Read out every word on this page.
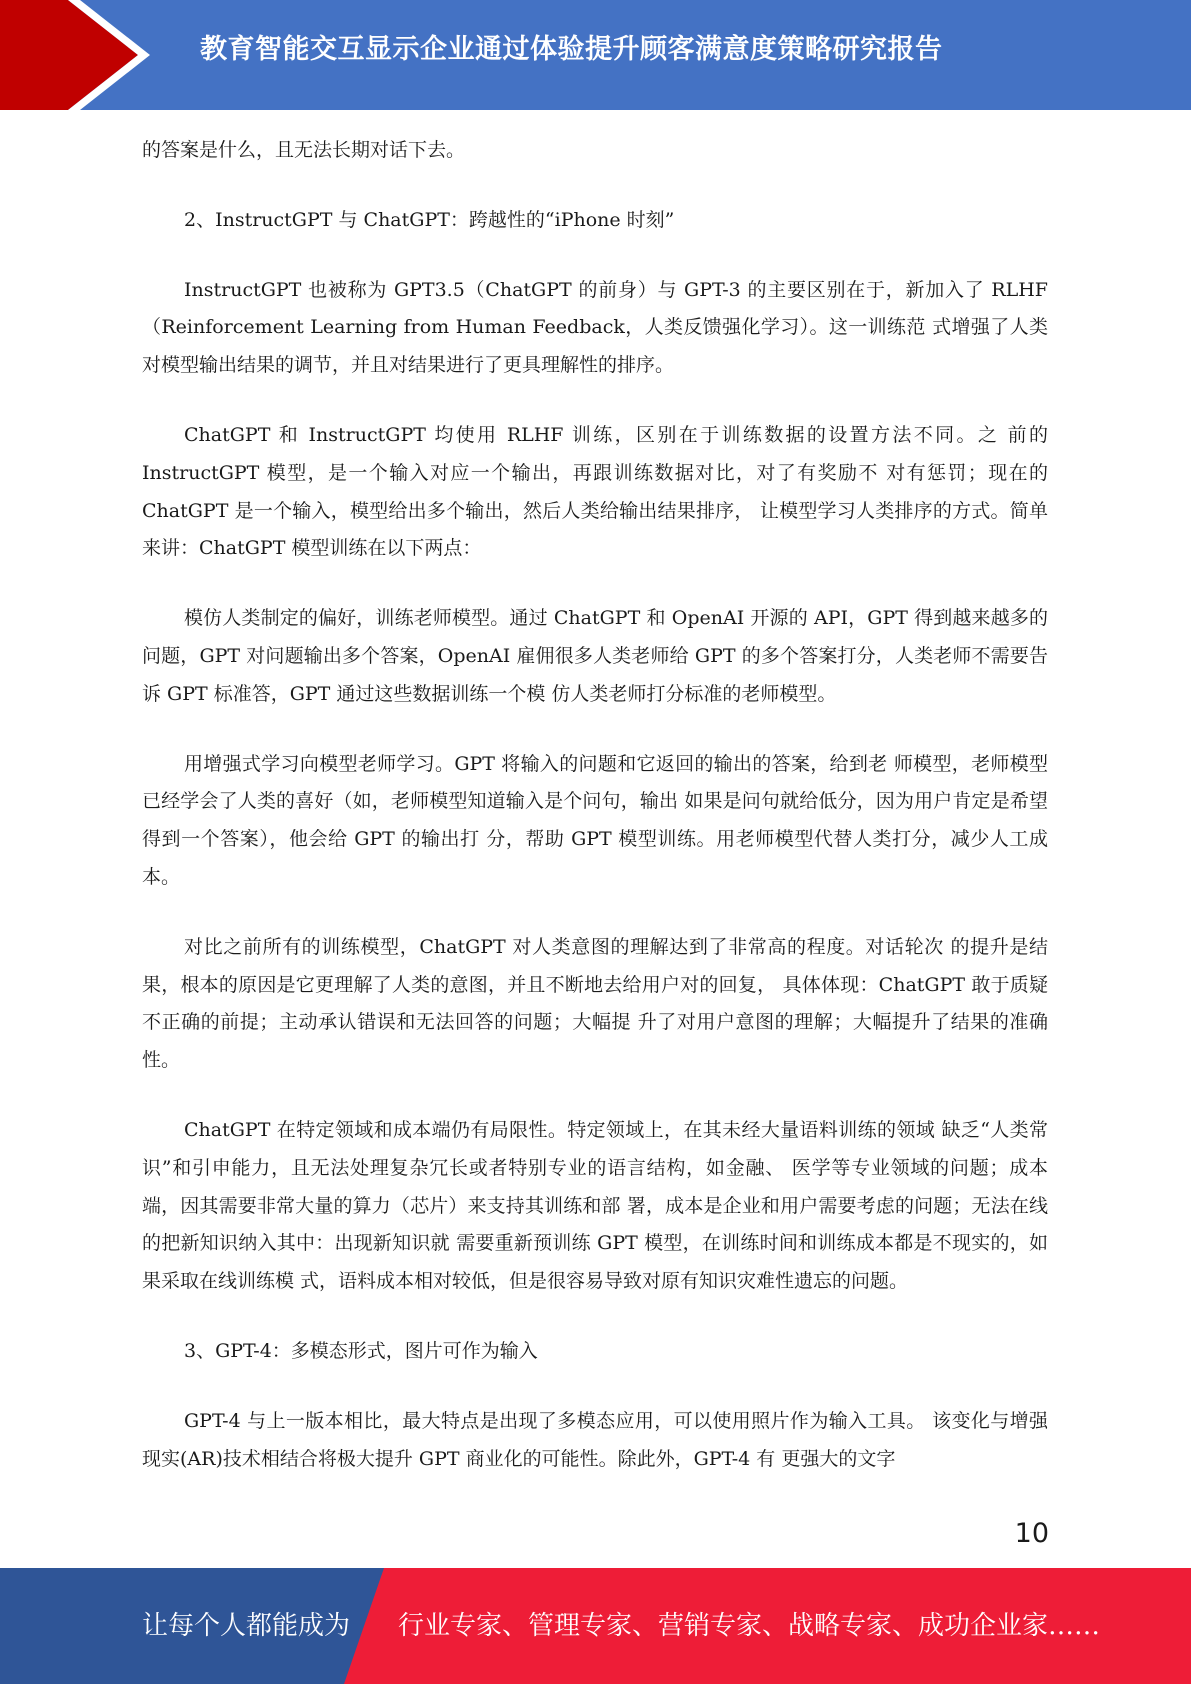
教育智能交互显示企业通过体验提升顾客满意度策略研究报告

的答案是什么，且无法长期对话下去。

2、InstructGPT 与 ChatGPT：跨越性的“iPhone 时刻”

InstructGPT 也被称为 GPT3.5（ChatGPT 的前身）与 GPT-3 的主要区别在于，新加入了 RLHF（Reinforcement Learning from Human Feedback，人类反馈强化学习）。这一训练范 式增强了人类对模型输出结果的调节，并且对结果进行了更具理解性的排序。

ChatGPT 和 InstructGPT 均使用 RLHF 训练，区别在于训练数据的设置方法不同。之 前的 InstructGPT 模型，是一个输入对应一个输出，再跟训练数据对比，对了有奖励不 对有惩罚；现在的 ChatGPT 是一个输入，模型给出多个输出，然后人类给输出结果排序， 让模型学习人类排序的方式。简单来讲：ChatGPT 模型训练在以下两点：

模仿人类制定的偏好，训练老师模型。通过 ChatGPT 和 OpenAI 开源的 API，GPT 得到越来越多的问题，GPT 对问题输出多个答案，OpenAI 雇佣很多人类老师给 GPT 的多个答案打分，人类老师不需要告诉 GPT 标准答，GPT 通过这些数据训练一个模 仿人类老师打分标准的老师模型。

用增强式学习向模型老师学习。GPT 将输入的问题和它返回的输出的答案，给到老 师模型，老师模型已经学会了人类的喜好（如，老师模型知道输入是个问句，输出 如果是问句就给低分，因为用户肯定是希望得到一个答案），他会给 GPT 的输出打 分，帮助 GPT 模型训练。用老师模型代替人类打分，减少人工成本。

对比之前所有的训练模型，ChatGPT 对人类意图的理解达到了非常高的程度。对话轮次 的提升是结果，根本的原因是它更理解了人类的意图，并且不断地去给用户对的回复， 具体体现：ChatGPT 敢于质疑不正确的前提；主动承认错误和无法回答的问题；大幅提 升了对用户意图的理解；大幅提升了结果的准确性。

ChatGPT 在特定领域和成本端仍有局限性。特定领域上，在其未经大量语料训练的领域 缺乏“人类常识”和引申能力，且无法处理复杂冗长或者特别专业的语言结构，如金融、 医学等专业领域的问题；成本端，因其需要非常大量的算力（芯片）来支持其训练和部 署，成本是企业和用户需要考虑的问题；无法在线的把新知识纳入其中：出现新知识就 需要重新预训练 GPT 模型，在训练时间和训练成本都是不现实的，如果采取在线训练模 式，语料成本相对较低，但是很容易导致对原有知识灾难性遗忘的问题。

3、GPT-4：多模态形式，图片可作为输入

GPT-4 与上一版本相比，最大特点是出现了多模态应用，可以使用照片作为输入工具。 该变化与增强现实(AR)技术相结合将极大提升 GPT 商业化的可能性。除此外，GPT-4 有 更强大的文字

10
让每个人都能成为 行业专家、管理专家、营销专家、战略专家、成功企业家……
